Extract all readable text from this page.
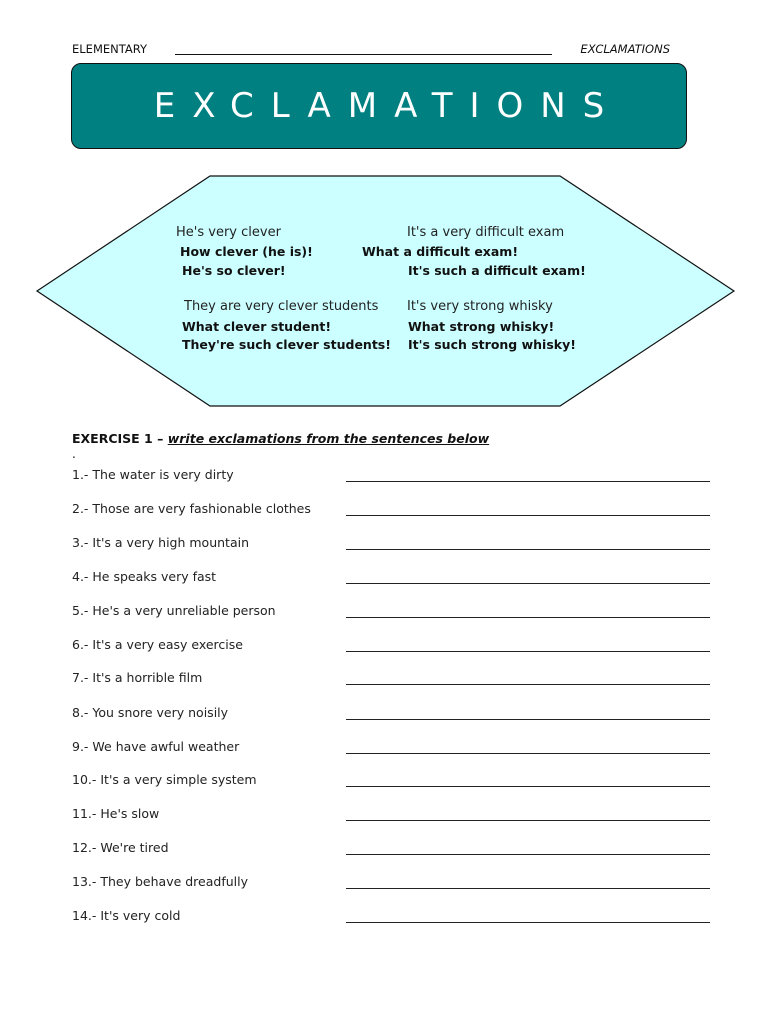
ELEMENTARY	EXCLAMATIONS
EXCLAMATIONS
He's very clever
How clever (he is)!
He's so clever!
They are very clever students
What clever student!
They're such clever students!
It's a very difficult exam
What a difficult exam!
It's such a difficult exam!
It's very strong whisky
What strong whisky!
It's such strong whisky!
EXERCISE 1 – write exclamations from the sentences below
.
1.- The water is very dirty
2.- Those are very fashionable clothes
3.- It's a very high mountain
4.- He speaks very fast
5.- He's a very unreliable person
6.- It's a very easy exercise
7.- It's a horrible film
8.- You snore very noisily
9.- We have awful weather
10.- It's a very simple system
11.- He's slow
12.- We're tired
13.- They behave dreadfully
14.- It's very cold
